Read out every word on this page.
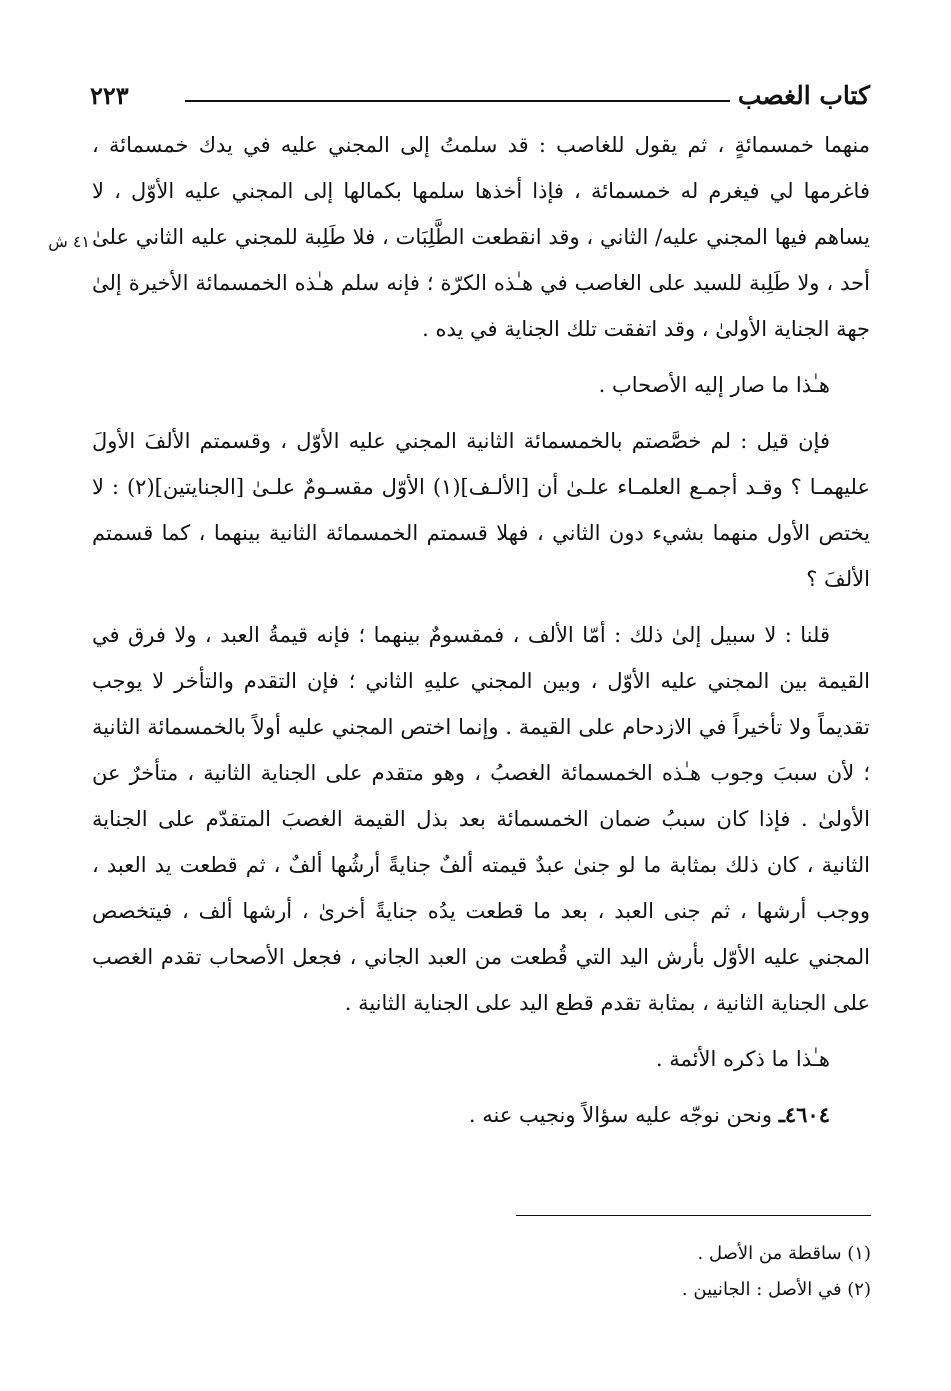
كتاب الغصب
٢٢٣
٤١ ش

منهما خمسمائةٍ ، ثم يقول للغاصب : قد سلمتُ إلى المجني عليه في يدك خمسمائة ، فاغرمها لي فيغرم له خمسمائة ، فإذا أخذها سلمها بكمالها إلى المجني عليه الأوّل ، لا يساهم فيها المجني عليه/ الثاني ، وقد انقطعت الطَّلِبَات ، فلا طَلِبة للمجني عليه الثاني علىٰ أحد ، ولا طَلِبة للسيد على الغاصب في هـٰذه الكرّة ؛ فإنه سلم هـٰذه الخمسمائة الأخيرة إلىٰ جهة الجناية الأولىٰ ، وقد اتفقت تلك الجناية في يده .

هـٰذا ما صار إليه الأصحاب .

فإن قيل : لم خصَّصتم بالخمسمائة الثانية المجني عليه الأوّل ، وقسمتم الألفَ الأولَ عليهمـا ؟ وقـد أجمـع العلمـاء علـىٰ أن [الألـف](١) الأوّل مقسـومٌ علـىٰ [الجنايتين](٢) : لا يختص الأول منهما بشيء دون الثاني ، فهلا قسمتم الخمسمائة الثانية بينهما ، كما قسمتم الألفَ ؟

قلنا : لا سبيل إلىٰ ذلك : أمّا الألف ، فمقسومٌ بينهما ؛ فإنه قيمةُ العبد ، ولا فرق في القيمة بين المجني عليه الأوّل ، وبين المجني عليهِ الثاني ؛ فإن التقدم والتأخر لا يوجب تقديماً ولا تأخيراً في الازدحام على القيمة . وإنما اختص المجني عليه أولاً بالخمسمائة الثانية ؛ لأن سببَ وجوب هـٰذه الخمسمائة الغصبُ ، وهو متقدم على الجناية الثانية ، متأخرٌ عن الأولىٰ . فإذا كان سببُ ضمان الخمسمائة بعد بذل القيمة الغصبَ المتقدّم على الجناية الثانية ، كان ذلك بمثابة ما لو جنىٰ عبدٌ قيمته ألفٌ جنايةً أرشُها ألفٌ ، ثم قطعت يد العبد ، ووجب أرشها ، ثم جنى العبد ، بعد ما قطعت يدُه جنايةً أخرىٰ ، أرشها ألف ، فيتخصص المجني عليه الأوّل بأرش اليد التي قُطعت من العبد الجاني ، فجعل الأصحاب تقدم الغصب على الجناية الثانية ، بمثابة تقدم قطع اليد على الجناية الثانية .

هـٰذا ما ذكره الأئمة .

٤٦٠٤ـ ونحن نوجّه عليه سؤالاً ونجيب عنه .

(١) ساقطة من الأصل .
(٢) في الأصل : الجانيين .
